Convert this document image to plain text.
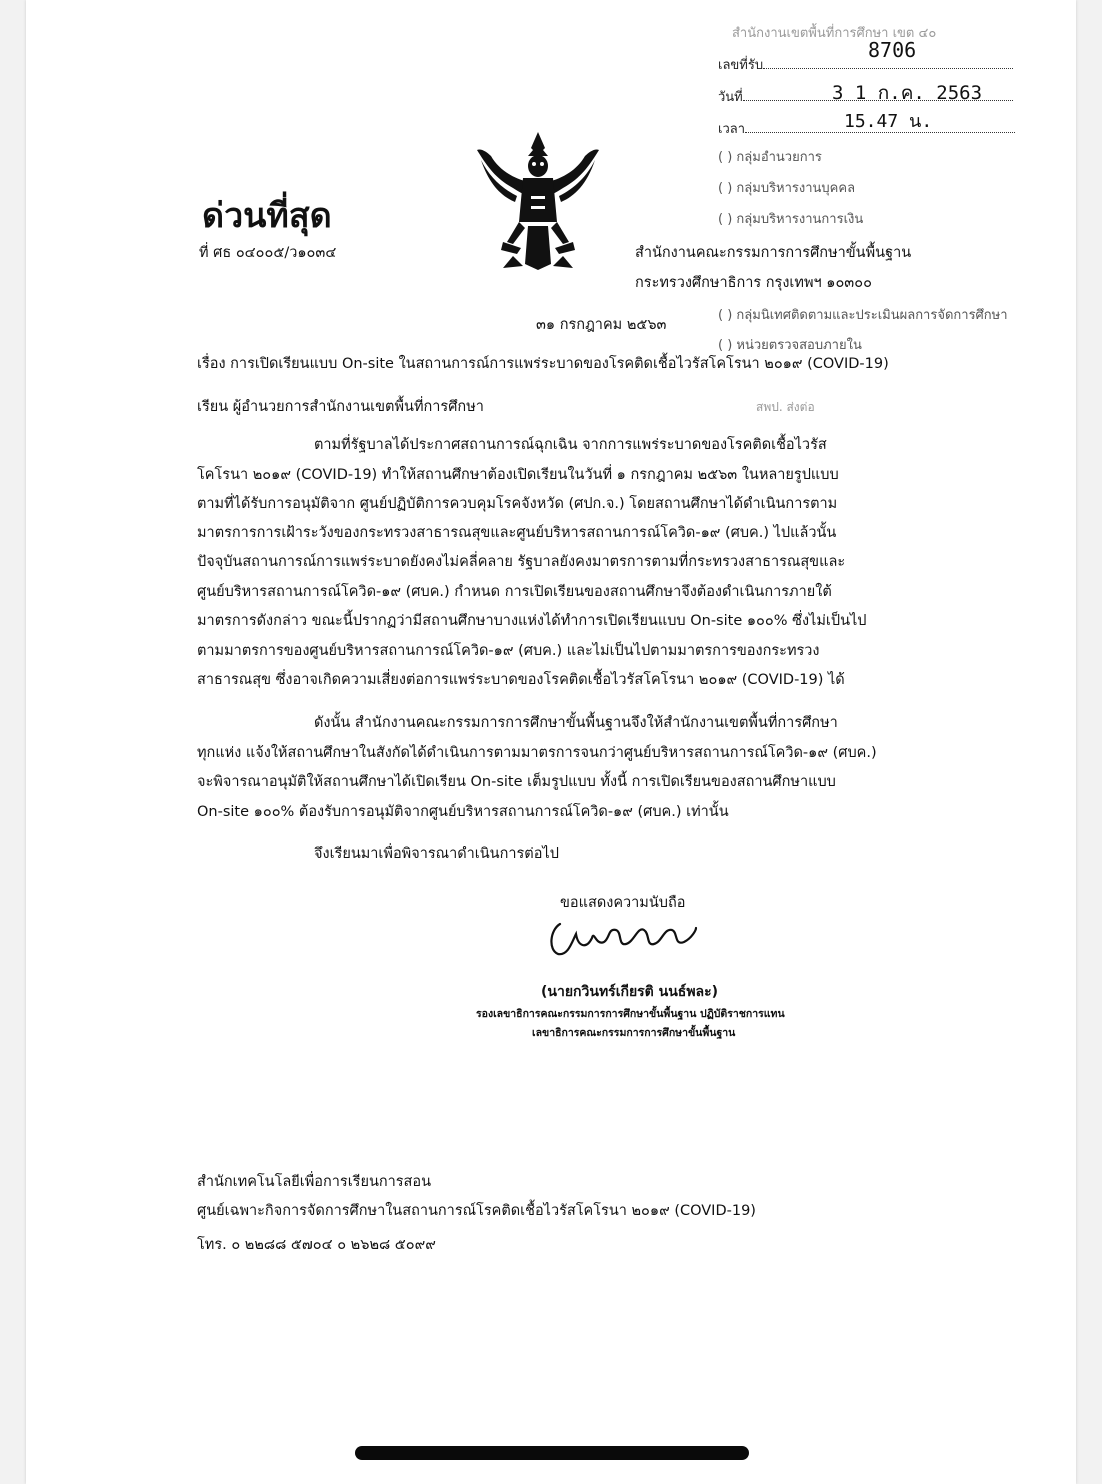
สำนักงานเขตพื้นที่การศึกษา เขต ๔๐
เลขที่รับ
8706
วันที่	3 1 ก.ค. 2563
เวลา	15.47 น.
( ) กลุ่มอำนวยการ
( ) กลุ่มบริหารงานบุคคล
( ) กลุ่มบริหารงานการเงิน
( ) กลุ่มนิเทศติดตามและประเมินผลการจัดการศึกษา
( ) หน่วยตรวจสอบภายใน
สพป. ส่งต่อ
ด่วนที่สุด
ที่ ศธ ๐๔๐๐๕/ว๑๐๓๔	สำนักงานคณะกรรมการการศึกษาขั้นพื้นฐาน
กระทรวงศึกษาธิการ กรุงเทพฯ ๑๐๓๐๐
๓๑ กรกฎาคม ๒๕๖๓
เรื่อง การเปิดเรียนแบบ On-site ในสถานการณ์การแพร่ระบาดของโรคติดเชื้อไวรัสโคโรนา ๒๐๑๙ (COVID-19)
เรียน ผู้อำนวยการสำนักงานเขตพื้นที่การศึกษา
ตามที่รัฐบาลได้ประกาศสถานการณ์ฉุกเฉิน จากการแพร่ระบาดของโรคติดเชื้อไวรัส
โคโรนา ๒๐๑๙ (COVID-19) ทำให้สถานศึกษาต้องเปิดเรียนในวันที่ ๑ กรกฎาคม ๒๕๖๓ ในหลายรูปแบบ
ตามที่ได้รับการอนุมัติจาก ศูนย์ปฏิบัติการควบคุมโรคจังหวัด (ศปก.จ.) โดยสถานศึกษาได้ดำเนินการตาม
มาตรการการเฝ้าระวังของกระทรวงสาธารณสุขและศูนย์บริหารสถานการณ์โควิด-๑๙ (ศบค.) ไปแล้วนั้น
ปัจจุบันสถานการณ์การแพร่ระบาดยังคงไม่คลี่คลาย รัฐบาลยังคงมาตรการตามที่กระทรวงสาธารณสุขและ
ศูนย์บริหารสถานการณ์โควิด-๑๙ (ศบค.) กำหนด การเปิดเรียนของสถานศึกษาจึงต้องดำเนินการภายใต้
มาตรการดังกล่าว ขณะนี้ปรากฏว่ามีสถานศึกษาบางแห่งได้ทำการเปิดเรียนแบบ On-site ๑๐๐% ซึ่งไม่เป็นไป
ตามมาตรการของศูนย์บริหารสถานการณ์โควิด-๑๙ (ศบค.) และไม่เป็นไปตามมาตรการของกระทรวง
สาธารณสุข ซึ่งอาจเกิดความเสี่ยงต่อการแพร่ระบาดของโรคติดเชื้อไวรัสโคโรนา ๒๐๑๙ (COVID-19) ได้
ดังนั้น สำนักงานคณะกรรมการการศึกษาขั้นพื้นฐานจึงให้สำนักงานเขตพื้นที่การศึกษา
ทุกแห่ง แจ้งให้สถานศึกษาในสังกัดได้ดำเนินการตามมาตรการจนกว่าศูนย์บริหารสถานการณ์โควิด-๑๙ (ศบค.)
จะพิจารณาอนุมัติให้สถานศึกษาได้เปิดเรียน On-site เต็มรูปแบบ ทั้งนี้ การเปิดเรียนของสถานศึกษาแบบ
On-site ๑๐๐% ต้องรับการอนุมัติจากศูนย์บริหารสถานการณ์โควิด-๑๙ (ศบค.) เท่านั้น
จึงเรียนมาเพื่อพิจารณาดำเนินการต่อไป
ขอแสดงความนับถือ
(นายกวินทร์เกียรติ นนธ์พละ)
รองเลขาธิการคณะกรรมการการศึกษาขั้นพื้นฐาน ปฏิบัติราชการแทน
เลขาธิการคณะกรรมการการศึกษาขั้นพื้นฐาน
สำนักเทคโนโลยีเพื่อการเรียนการสอน
ศูนย์เฉพาะกิจการจัดการศึกษาในสถานการณ์โรคติดเชื้อไวรัสโคโรนา ๒๐๑๙ (COVID-19)
โทร. ๐ ๒๒๘๘ ๕๗๐๔ ๐ ๒๖๒๘ ๕๐๙๙
